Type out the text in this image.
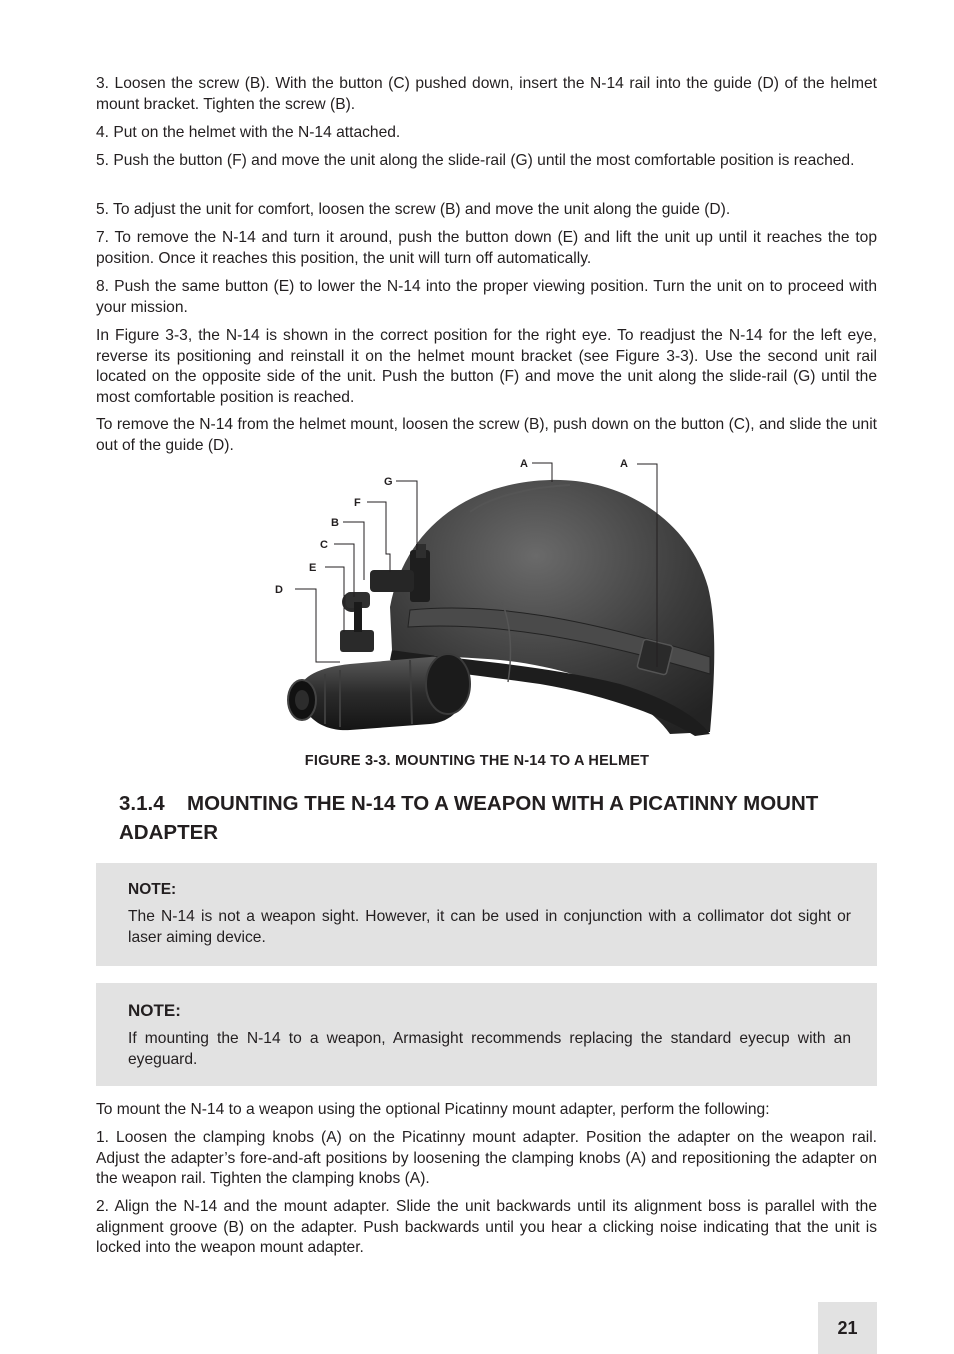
3. Loosen the screw (B). With the button (C) pushed down, insert the N-14 rail into the guide (D) of the helmet mount bracket. Tighten the screw (B).

4. Put on the helmet with the N-14 attached.

5. Push the button (F) and move the unit along the slide-rail (G) until the most comfortable position is reached.

5. To adjust the unit for comfort, loosen the screw (B) and move the unit along the guide (D).

7. To remove the N-14 and turn it around, push the button down (E) and lift the unit up until it reaches the top position. Once it reaches this position, the unit will turn off automatically.

8. Push the same button (E) to lower the N-14 into the proper viewing position. Turn the unit on to proceed with your mission.

In Figure 3-3, the N-14 is shown in the correct position for the right eye. To readjust the N-14 for the left eye, reverse its positioning and reinstall it on the helmet mount bracket (see Figure 3-3). Use the second unit rail located on the opposite side of the unit. Push the button (F) and move the unit along the slide-rail (G) until the most comfortable position is reached.

To remove the N-14 from the helmet mount, loosen the screw (B), push down on the button (C), and slide the unit out of the guide (D).

A	A
G
F
B
C
E
D
FIGURE 3-3. MOUNTING THE N-14 TO A HELMET
3.1.4 MOUNTING THE N-14 TO A WEAPON WITH A PICATINNY MOUNT ADAPTER
NOTE:

The N-14 is not a weapon sight. However, it can be used in conjunction with a collimator dot sight or laser aiming device.

NOTE:

If mounting the N-14 to a weapon, Armasight recommends replacing the standard eyecup with an eyeguard.

To mount the N-14 to a weapon using the optional Picatinny mount adapter, perform the following:

1. Loosen the clamping knobs (A) on the Picatinny mount adapter. Position the adapter on the weapon rail. Adjust the adapter’s fore-and-aft positions by loosening the clamping knobs (A) and repositioning the adapter on the weapon rail. Tighten the clamping knobs (A).

2. Align the N-14 and the mount adapter. Slide the unit backwards until its alignment boss is parallel with the alignment groove (B) on the adapter. Push backwards until you hear a clicking noise indicating that the unit is locked into the weapon mount adapter.

21
